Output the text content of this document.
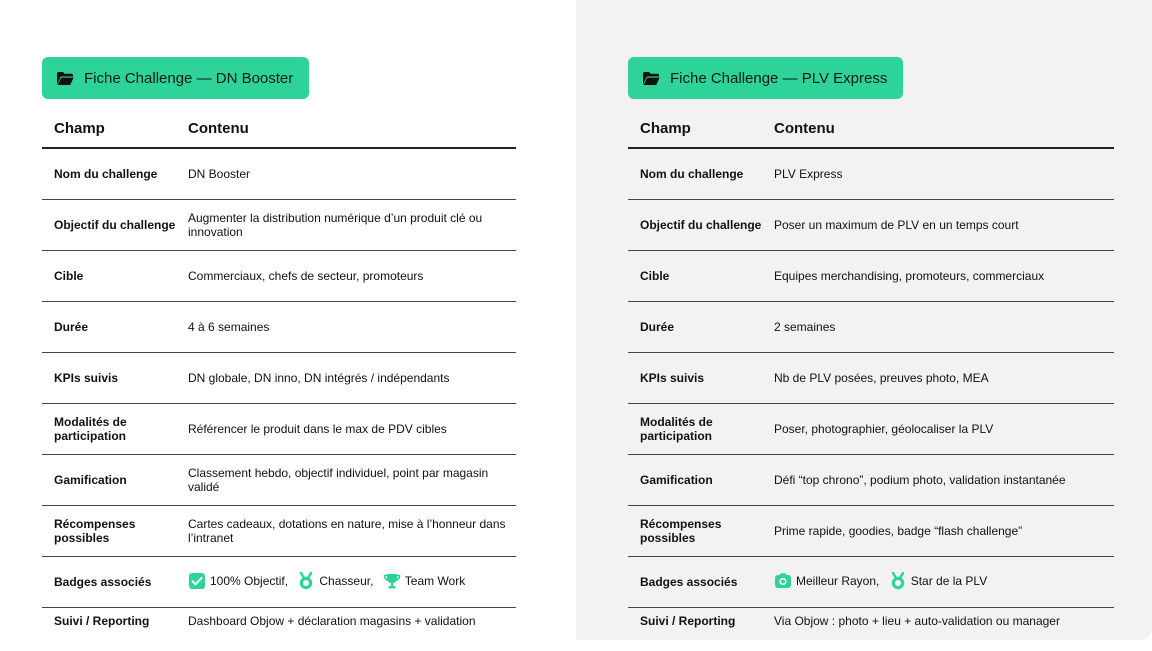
Fiche Challenge — DN Booster
Champ	Contenu
Nom du challenge	DN Booster
Objectif du challenge	Augmenter la distribution numérique d’un produit clé ou innovation
Cible	Commerciaux, chefs de secteur, promoteurs
Durée	4 à 6 semaines
KPIs suivis	DN globale, DN inno, DN intégrés / indépendants
Modalités de participation	Référencer le produit dans le max de PDV cibles
Gamification	Classement hebdo, objectif individuel, point par magasin validé
Récompenses possibles	Cartes cadeaux, dotations en nature, mise à l’honneur dans l’intranet
Badges associés	100% Objectif,
Chasseur,
Team Work

Suivi / Reporting	Dashboard Objow + déclaration magasins + validation
Fiche Challenge — PLV Express
Champ	Contenu
Nom du challenge	PLV Express
Objectif du challenge	Poser un maximum de PLV en un temps court
Cible	Equipes merchandising, promoteurs, commerciaux
Durée	2 semaines
KPIs suivis	Nb de PLV posées, preuves photo, MEA
Modalités de participation	Poser, photographier, géolocaliser la PLV
Gamification	Défi “top chrono”, podium photo, validation instantanée
Récompenses possibles	Prime rapide, goodies, badge “flash challenge”
Badges associés	Meilleur Rayon,
Star de la PLV

Suivi / Reporting	Via Objow : photo + lieu + auto-validation ou manager
